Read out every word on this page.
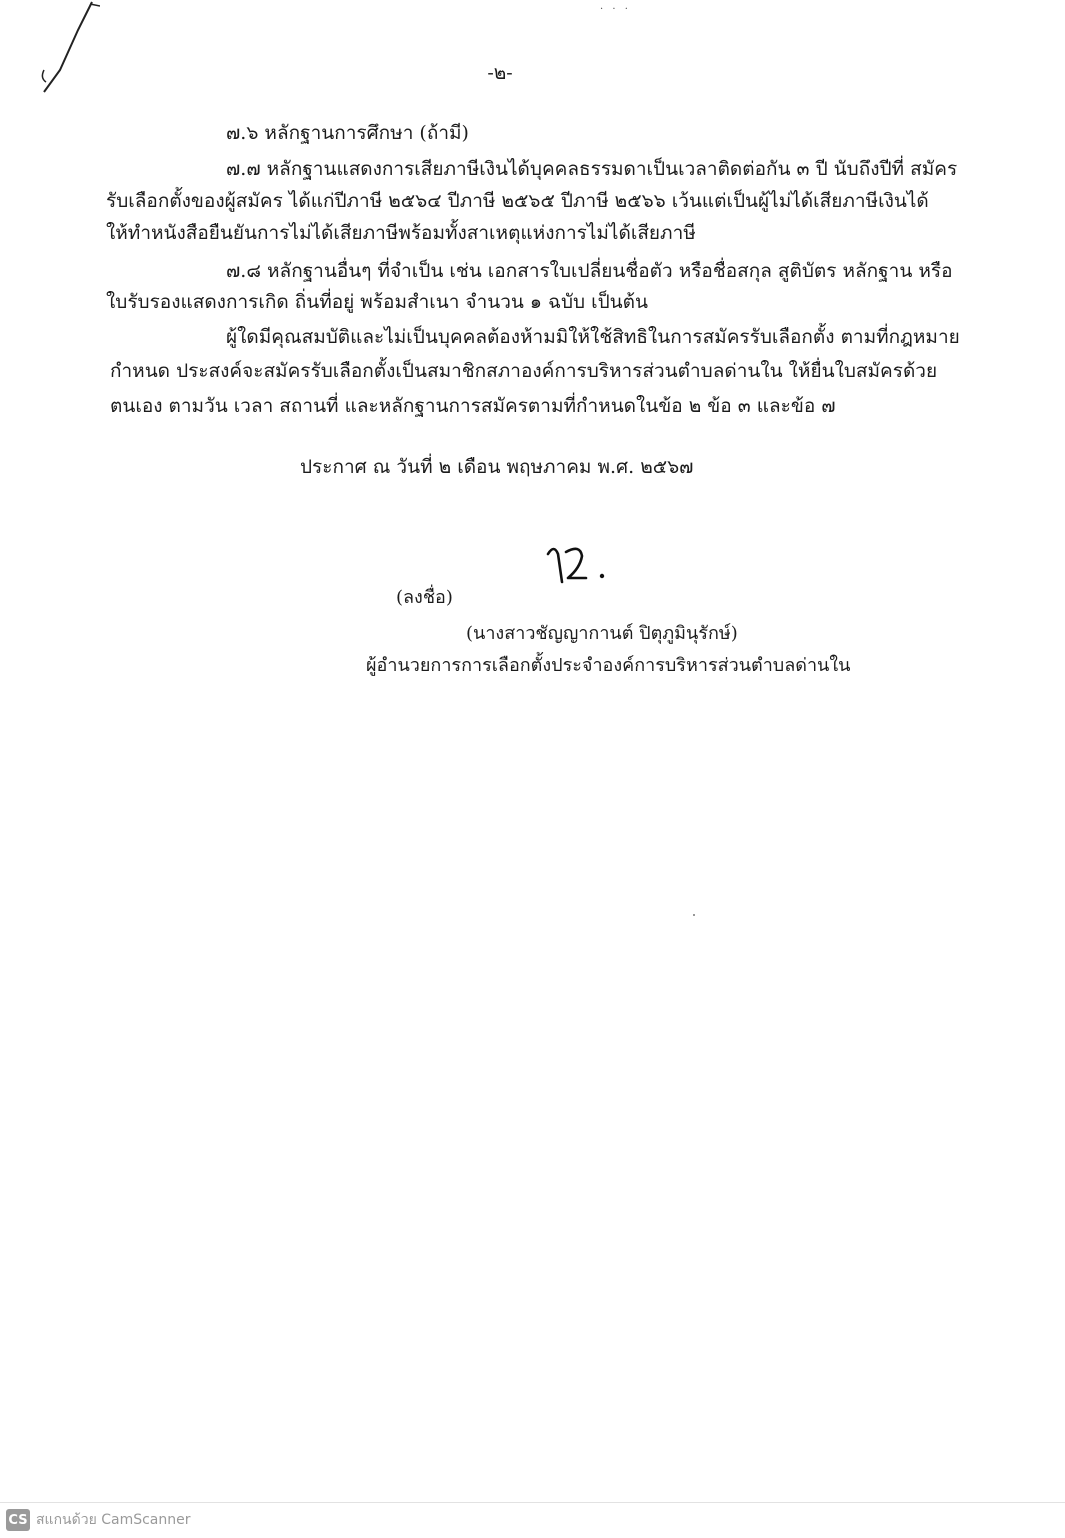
· · ·
-๒-
๗.๖ หลักฐานการศึกษา (ถ้ามี)
๗.๗ หลักฐานแสดงการเสียภาษีเงินได้บุคคลธรรมดาเป็นเวลาติดต่อกัน ๓ ปี นับถึงปีที่ สมัคร
รับเลือกตั้งของผู้สมัคร ได้แก่ปีภาษี ๒๕๖๔ ปีภาษี ๒๕๖๕ ปีภาษี ๒๕๖๖ เว้นแต่เป็นผู้ไม่ได้เสียภาษีเงินได้
ให้ทำหนังสือยืนยันการไม่ได้เสียภาษีพร้อมทั้งสาเหตุแห่งการไม่ได้เสียภาษี
๗.๘ หลักฐานอื่นๆ ที่จำเป็น เช่น เอกสารใบเปลี่ยนชื่อตัว หรือชื่อสกุล สูติบัตร หลักฐาน หรือ
ใบรับรองแสดงการเกิด ถิ่นที่อยู่ พร้อมสำเนา จำนวน ๑ ฉบับ เป็นต้น
ผู้ใดมีคุณสมบัติและไม่เป็นบุคคลต้องห้ามมิให้ใช้สิทธิในการสมัครรับเลือกตั้ง ตามที่กฎหมาย
กำหนด ประสงค์จะสมัครรับเลือกตั้งเป็นสมาชิกสภาองค์การบริหารส่วนตำบลด่านใน ให้ยื่นใบสมัครด้วย
ตนเอง ตามวัน เวลา สถานที่ และหลักฐานการสมัครตามที่กำหนดในข้อ ๒ ข้อ ๓ และข้อ ๗
ประกาศ ณ วันที่ ๒ เดือน พฤษภาคม พ.ศ. ๒๕๖๗
(ลงชื่อ)
(นางสาวชัญญากานต์ ปิตุภูมินุรักษ์)
ผู้อำนวยการการเลือกตั้งประจำองค์การบริหารส่วนตำบลด่านใน
CS สแกนด้วย CamScanner
